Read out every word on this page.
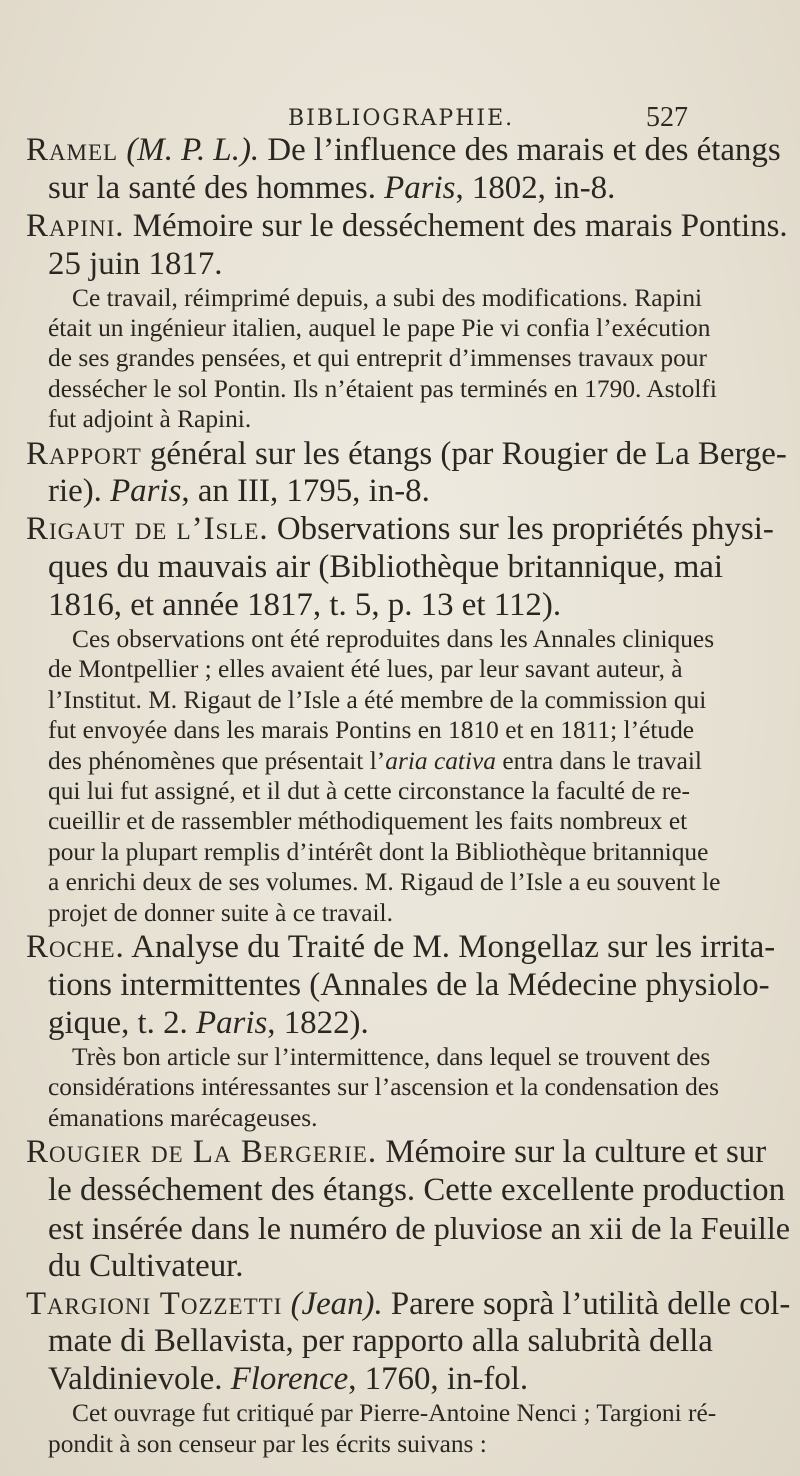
BIBLIOGRAPHIE.	527
Ramel (M. P. L.). De l’influence des marais et des étangs
sur la santé des hommes. Paris, 1802, in-8.
Rapini. Mémoire sur le desséchement des marais Pontins.
25 juin 1817.
Ce travail, réimprimé depuis, a subi des modifications. Rapini
était un ingénieur italien, auquel le pape Pie vi confia l’exécution
de ses grandes pensées, et qui entreprit d’immenses travaux pour
dessécher le sol Pontin. Ils n’étaient pas terminés en 1790. Astolfi
fut adjoint à Rapini.
Rapport général sur les étangs (par Rougier de La Berge-
rie). Paris, an III, 1795, in-8.
Rigaut de l’Isle. Observations sur les propriétés physi-
ques du mauvais air (Bibliothèque britannique, mai
1816, et année 1817, t. 5, p. 13 et 112).
Ces observations ont été reproduites dans les Annales cliniques
de Montpellier ; elles avaient été lues, par leur savant auteur, à
l’Institut. M. Rigaut de l’Isle a été membre de la commission qui
fut envoyée dans les marais Pontins en 1810 et en 1811; l’étude
des phénomènes que présentait l’aria cativa entra dans le travail
qui lui fut assigné, et il dut à cette circonstance la faculté de re-
cueillir et de rassembler méthodiquement les faits nombreux et
pour la plupart remplis d’intérêt dont la Bibliothèque britannique
a enrichi deux de ses volumes. M. Rigaud de l’Isle a eu souvent le
projet de donner suite à ce travail.
Roche. Analyse du Traité de M. Mongellaz sur les irrita-
tions intermittentes (Annales de la Médecine physiolo-
gique, t. 2. Paris, 1822).
Très bon article sur l’intermittence, dans lequel se trouvent des
considérations intéressantes sur l’ascension et la condensation des
émanations marécageuses.
Rougier de La Bergerie. Mémoire sur la culture et sur
le desséchement des étangs. Cette excellente production
est insérée dans le numéro de pluviose an xii de la Feuille
du Cultivateur.
Targioni Tozzetti (Jean). Parere soprà l’utilità delle col-
mate di Bellavista, per rapporto alla salubrità della
Valdinievole. Florence, 1760, in-fol.
Cet ouvrage fut critiqué par Pierre-Antoine Nenci ; Targioni ré-
pondit à son censeur par les écrits suivans :
